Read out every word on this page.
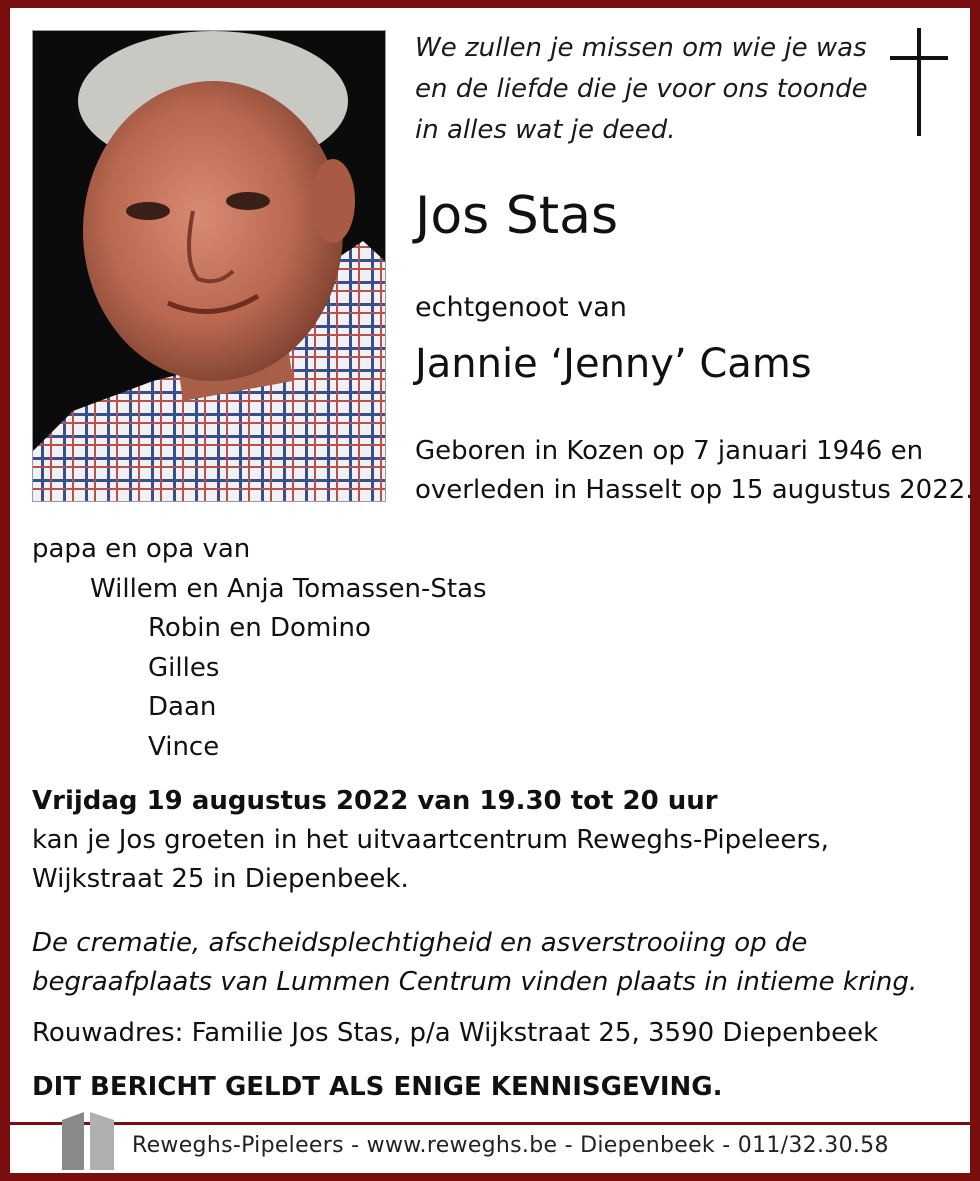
We zullen je missen om wie je was
en de liefde die je voor ons toonde
in alles wat je deed.
Jos Stas
echtgenoot van
Jannie ‘Jenny’ Cams
Geboren in Kozen op 7 januari 1946 en
overleden in Hasselt op 15 augustus 2022.
papa en opa van
Willem en Anja Tomassen-Stas
Robin en Domino
Gilles
Daan
Vince
Vrijdag 19 augustus 2022 van 19.30 tot 20 uur
kan je Jos groeten in het uitvaartcentrum Reweghs-Pipeleers,
Wijkstraat 25 in Diepenbeek.
De crematie, afscheidsplechtigheid en asverstrooiing op de
begraafplaats van Lummen Centrum vinden plaats in intieme kring.
Rouwadres: Familie Jos Stas, p/a Wijkstraat 25, 3590 Diepenbeek
DIT BERICHT GELDT ALS ENIGE KENNISGEVING.
Reweghs-Pipeleers - www.reweghs.be - Diepenbeek - 011/32.30.58
